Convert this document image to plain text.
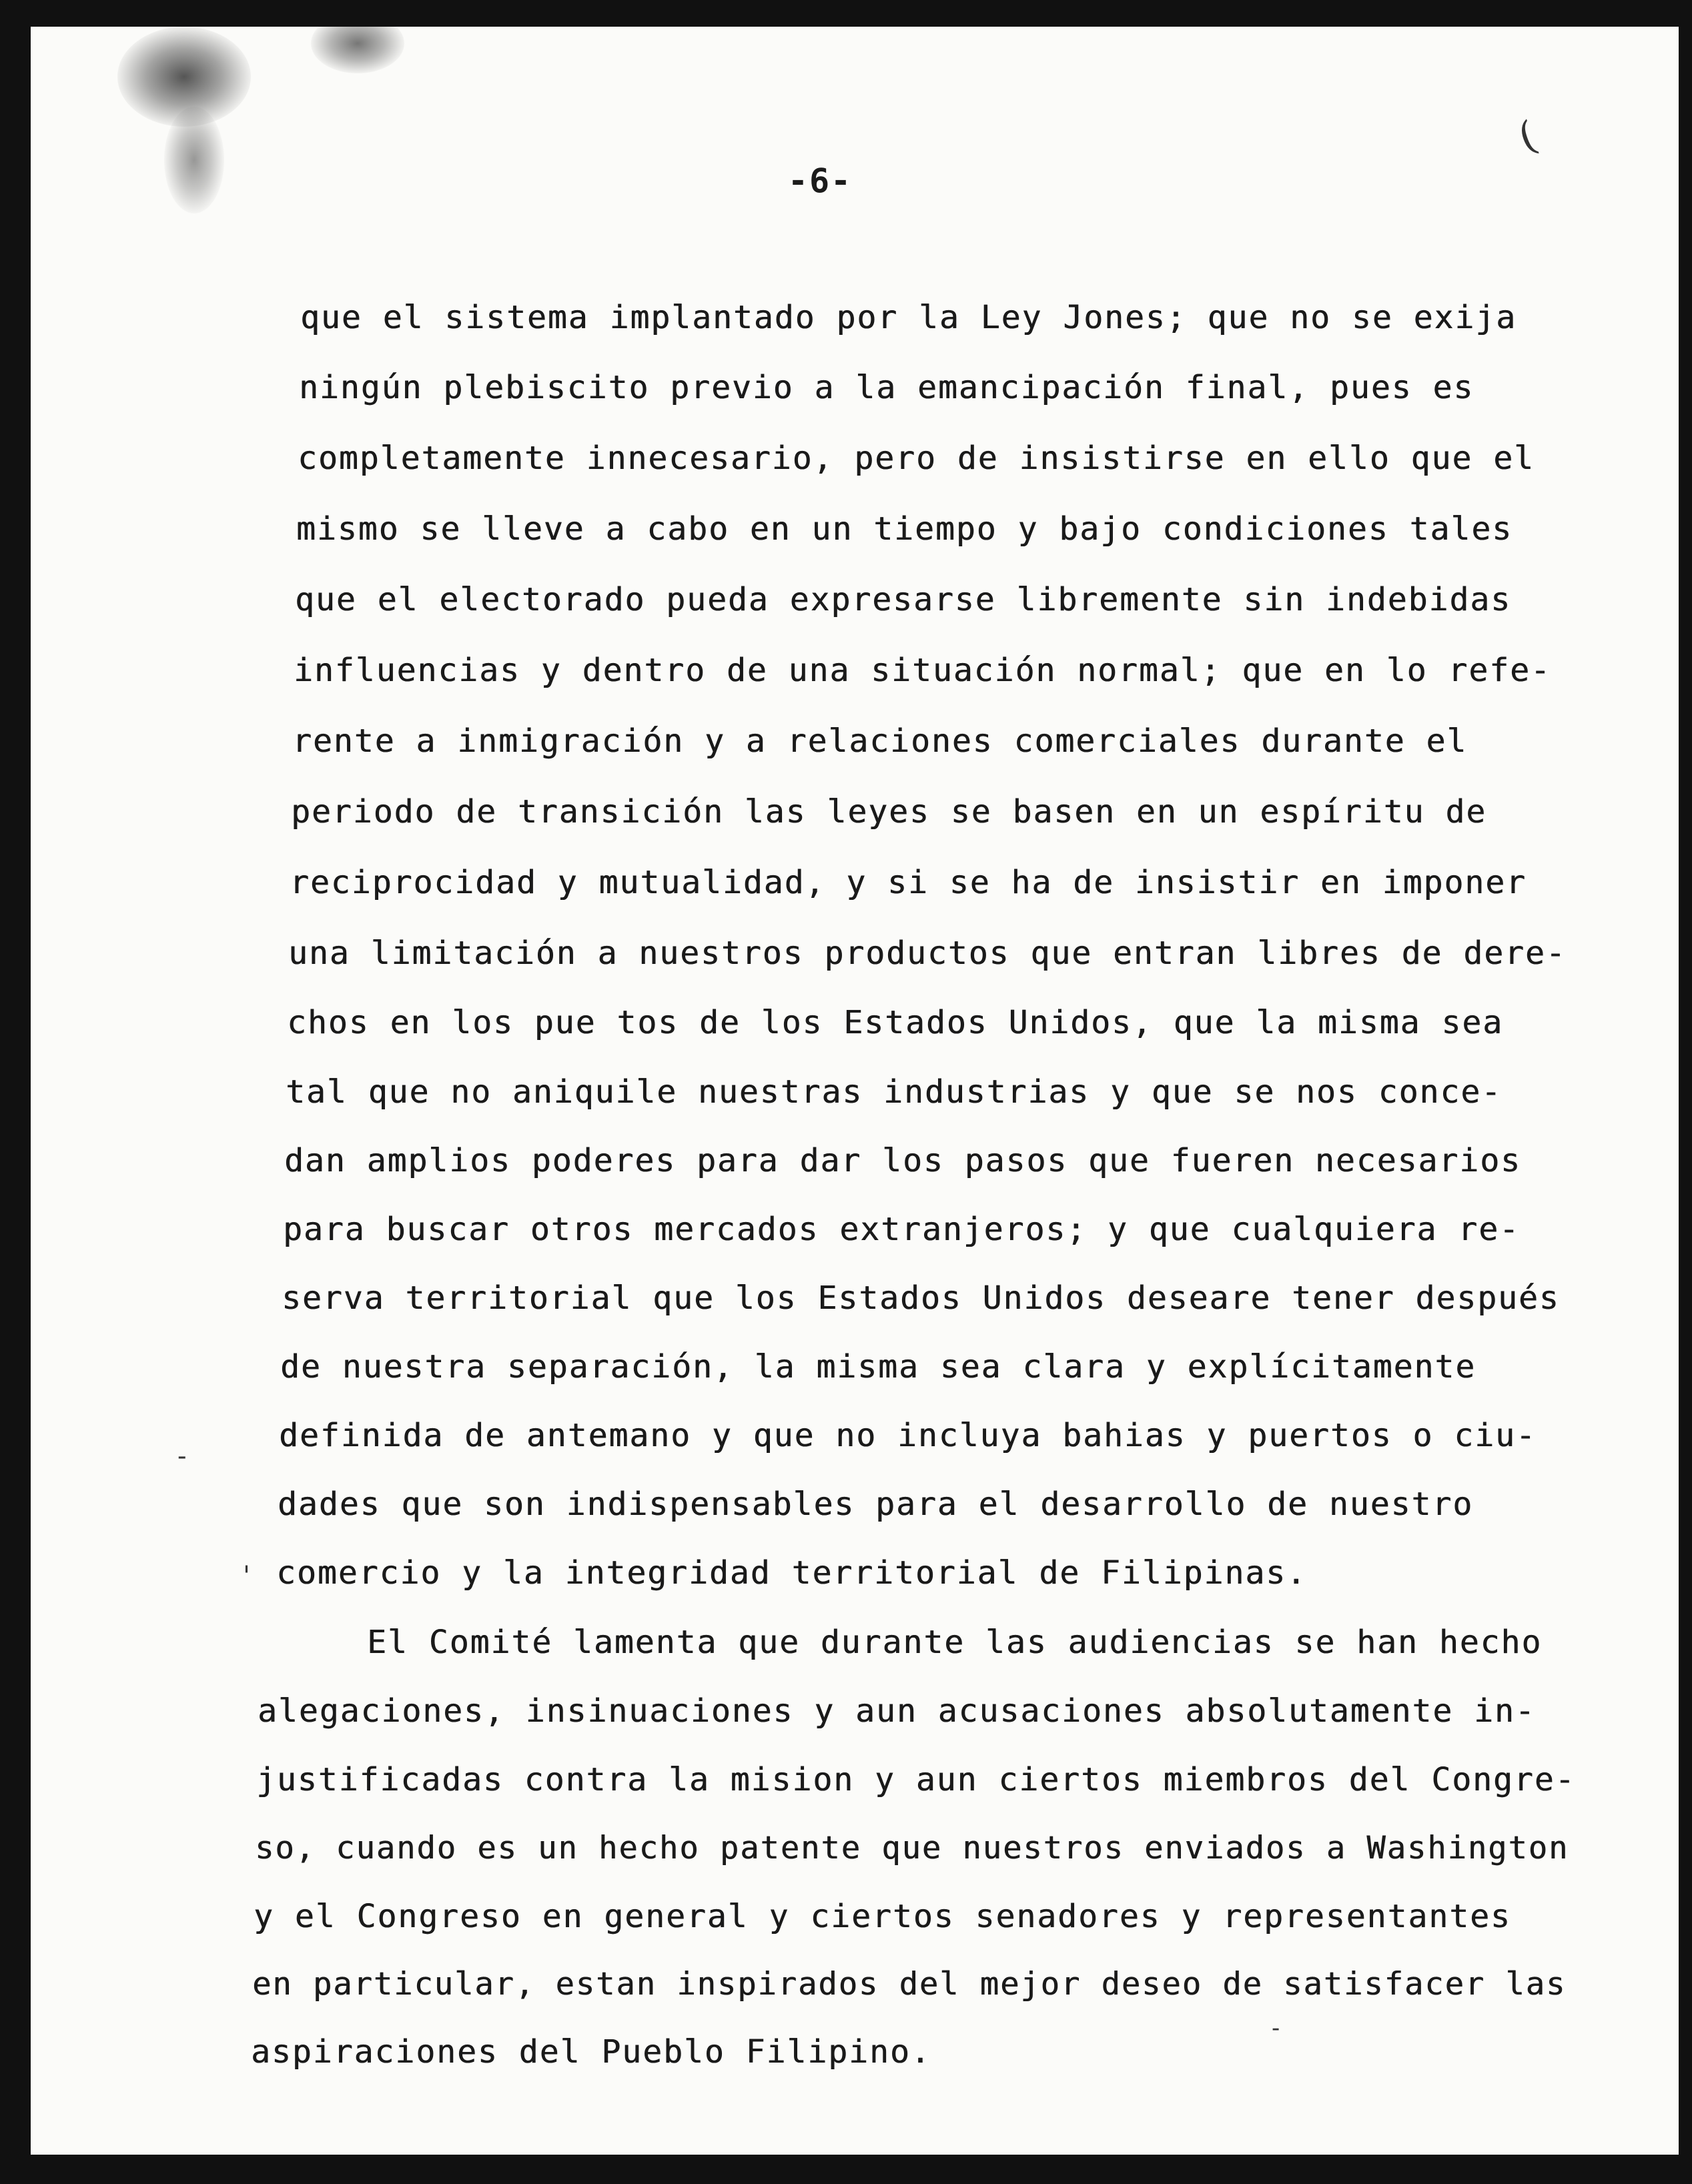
(
-
'
-
-6-
que el sistema implantado por la Ley Jones; que no se exija
ningún plebiscito previo a la emancipación final, pues es
completamente innecesario, pero de insistirse en ello que el
mismo se lleve a cabo en un tiempo y bajo condiciones tales
que el electorado pueda expresarse libremente sin indebidas
influencias y dentro de una situación normal; que en lo refe-
rente a inmigración y a relaciones comerciales durante el
periodo de transición las leyes se basen en un espíritu de
reciprocidad y mutualidad, y si se ha de insistir en imponer
una limitación a nuestros productos que entran libres de dere-
chos en los pue tos de los Estados Unidos, que la misma sea
tal que no aniquile nuestras industrias y que se nos conce-
dan amplios poderes para dar los pasos que fueren necesarios
para buscar otros mercados extranjeros; y que cualquiera re-
serva territorial que los Estados Unidos deseare tener después
de nuestra separación, la misma sea clara y explícitamente
definida de antemano y que no incluya bahias y puertos o ciu-
dades que son indispensables para el desarrollo de nuestro
comercio y la integridad territorial de Filipinas.
El Comité lamenta que durante las audiencias se han hecho
alegaciones, insinuaciones y aun acusaciones absolutamente in-
justificadas contra la mision y aun ciertos miembros del Congre-
so, cuando es un hecho patente que nuestros enviados a Washington
y el Congreso en general y ciertos senadores y representantes
en particular, estan inspirados del mejor deseo de satisfacer las
aspiraciones del Pueblo Filipino.
